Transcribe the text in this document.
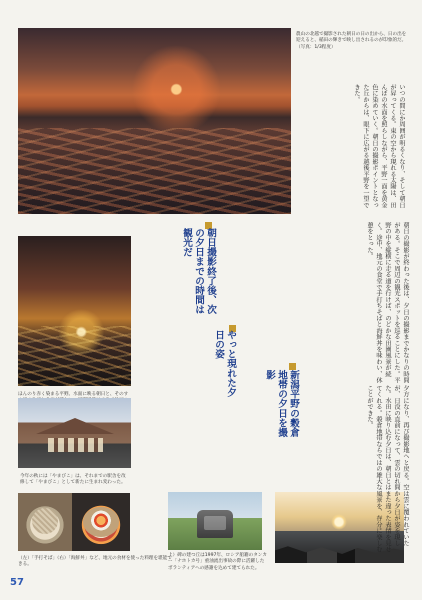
農山の北越で撮影された朝日の日の出から、日の出を迎えると、稲田の輝きで映し出されるのが印象的だ。（写真：1/3程度）
いつの間にか周囲が明るくなり、そして朝日が昇ってくる。東の空から現れる太陽は、田んぼの水面を照らしながら、平野一面を黄金色に染めていく。朝日の撮影ポイントとなった丘からは、眼下に広がる越後平野を一望できた。
朝日撮影終了後、次の夕日までの時間は観光だ
ほんのり赤く染まる平野。水面に映る朝日と、そのす
朝日の撮影が終わった後は、夕日の撮影までかなりの時間がある。そこで周辺の観光スポットを巡ることにした。平野の中を縦横に走る道を行けば、のどかな田園風景が続く。途中、地元の食堂で手打ちそばと海鮮丼を味わい、休憩をとった。
やっと現れた夕日の姿
新潟平野の穀倉地帯の夕日を撮影
今年の秋には「やまびこ」は、それまでの駅舎を改修して「やまびこ」として新たに生まれ変わった。
（左）「手打そば」（右）「海鮮丼」など、地元の食材を使った料理を堪能できる。
上）碑の建つ丘は1997年、ロシア船籍のタンカー「ナホトカ号」重油流出事故の際に活躍したボランティアへの感謝を込めて建てられた。
夕方になり、再び撮影地へと戻る。空は雲に覆われていたが、日没の直前になって、雲の切れ間から夕日が姿を現した。水田に映り込む夕日は、朝日とはまた違った表情を見せてくれる。穀倉地帯ならではの雄大な風景を、存分に楽しむことができた。
57
